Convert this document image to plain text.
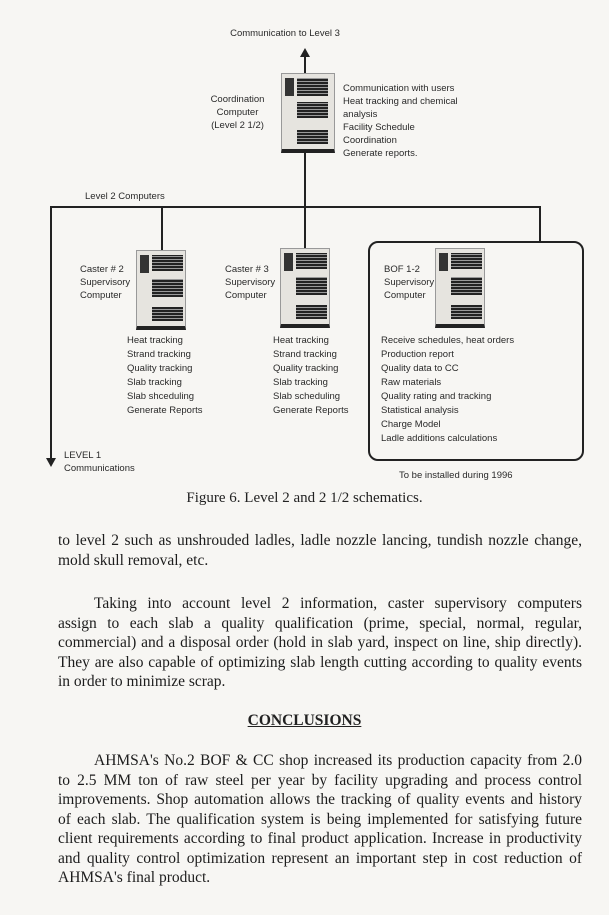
Communication to Level 3
Coordination
Computer
(Level 2 1/2)
Communication with users
Heat tracking and chemical
analysis
Facility Schedule
Coordination
Generate reports.
Level 2 Computers
Caster # 2
Supervisory
Computer
Heat tracking
Strand tracking
Quality tracking
Slab tracking
Slab shceduling
Generate Reports
Caster # 3
Supervisory
Computer
Heat tracking
Strand tracking
Quality tracking
Slab tracking
Slab scheduling
Generate Reports
BOF 1-2
Supervisory
Computer
Receive schedules, heat orders
Production report
Quality data to CC
Raw materials
Quality rating and tracking
Statistical analysis
Charge Model
Ladle additions calculations
To be installed during 1996
LEVEL 1
Communications
Figure 6. Level 2 and 2 1/2 schematics.
to level 2 such as unshrouded ladles, ladle nozzle lancing, tundish nozzle change,
mold skull removal, etc.
Taking into account level 2 information, caster supervisory computers
assign to each slab a quality qualification (prime, special, normal, regular,
commercial) and a disposal order (hold in slab yard, inspect on line, ship directly).
They are also capable of optimizing slab length cutting according to quality events
in order to minimize scrap.
CONCLUSIONS
AHMSA's No.2 BOF & CC shop increased its production capacity from 2.0
to 2.5 MM ton of raw steel per year by facility upgrading and process control
improvements. Shop automation allows the tracking of quality events and history
of each slab. The qualification system is being implemented for satisfying future
client requirements according to final product application. Increase in productivity
and quality control optimization represent an important step in cost reduction of
AHMSA's final product.
